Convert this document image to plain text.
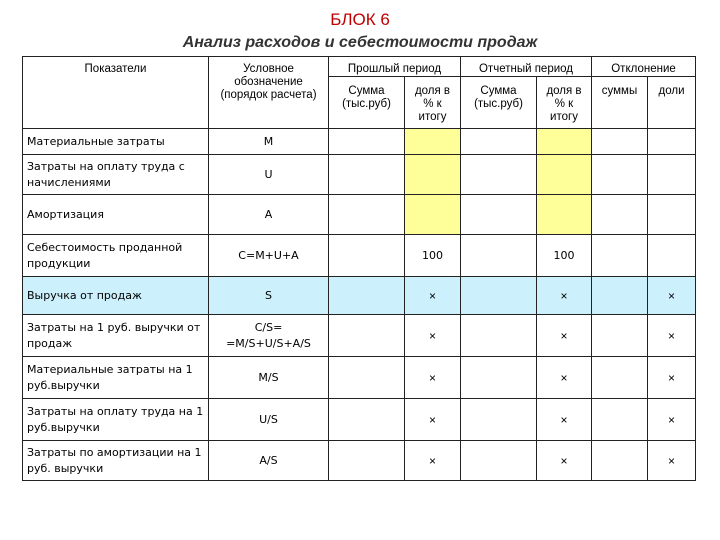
БЛОК 6
Анализ расходов и себестоимости продаж
Показатели	Условное обозначение (порядок расчета)	Прошлый период		Отчетный период		Отклонение	
		Сумма (тыс.руб)	доля в % к итогу	Сумма (тыс.руб)	доля в % к итогу	суммы	доли
Материальные затраты	M						
Затраты на оплату труда с начислениями	U						
Амортизация	A						
Себестоимость проданной продукции	C=M+U+A		100		100		
Выручка от продаж	S		×		×		×
Затраты на 1 руб. выручки от продаж	C/S= =M/S+U/S+A/S		×		×		×
Материальные затраты на 1 руб.выручки	M/S		×		×		×
Затраты на оплату труда на 1 руб.выручки	U/S		×		×		×
Затраты по амортизации на 1 руб. выручки	A/S		×		×		×
